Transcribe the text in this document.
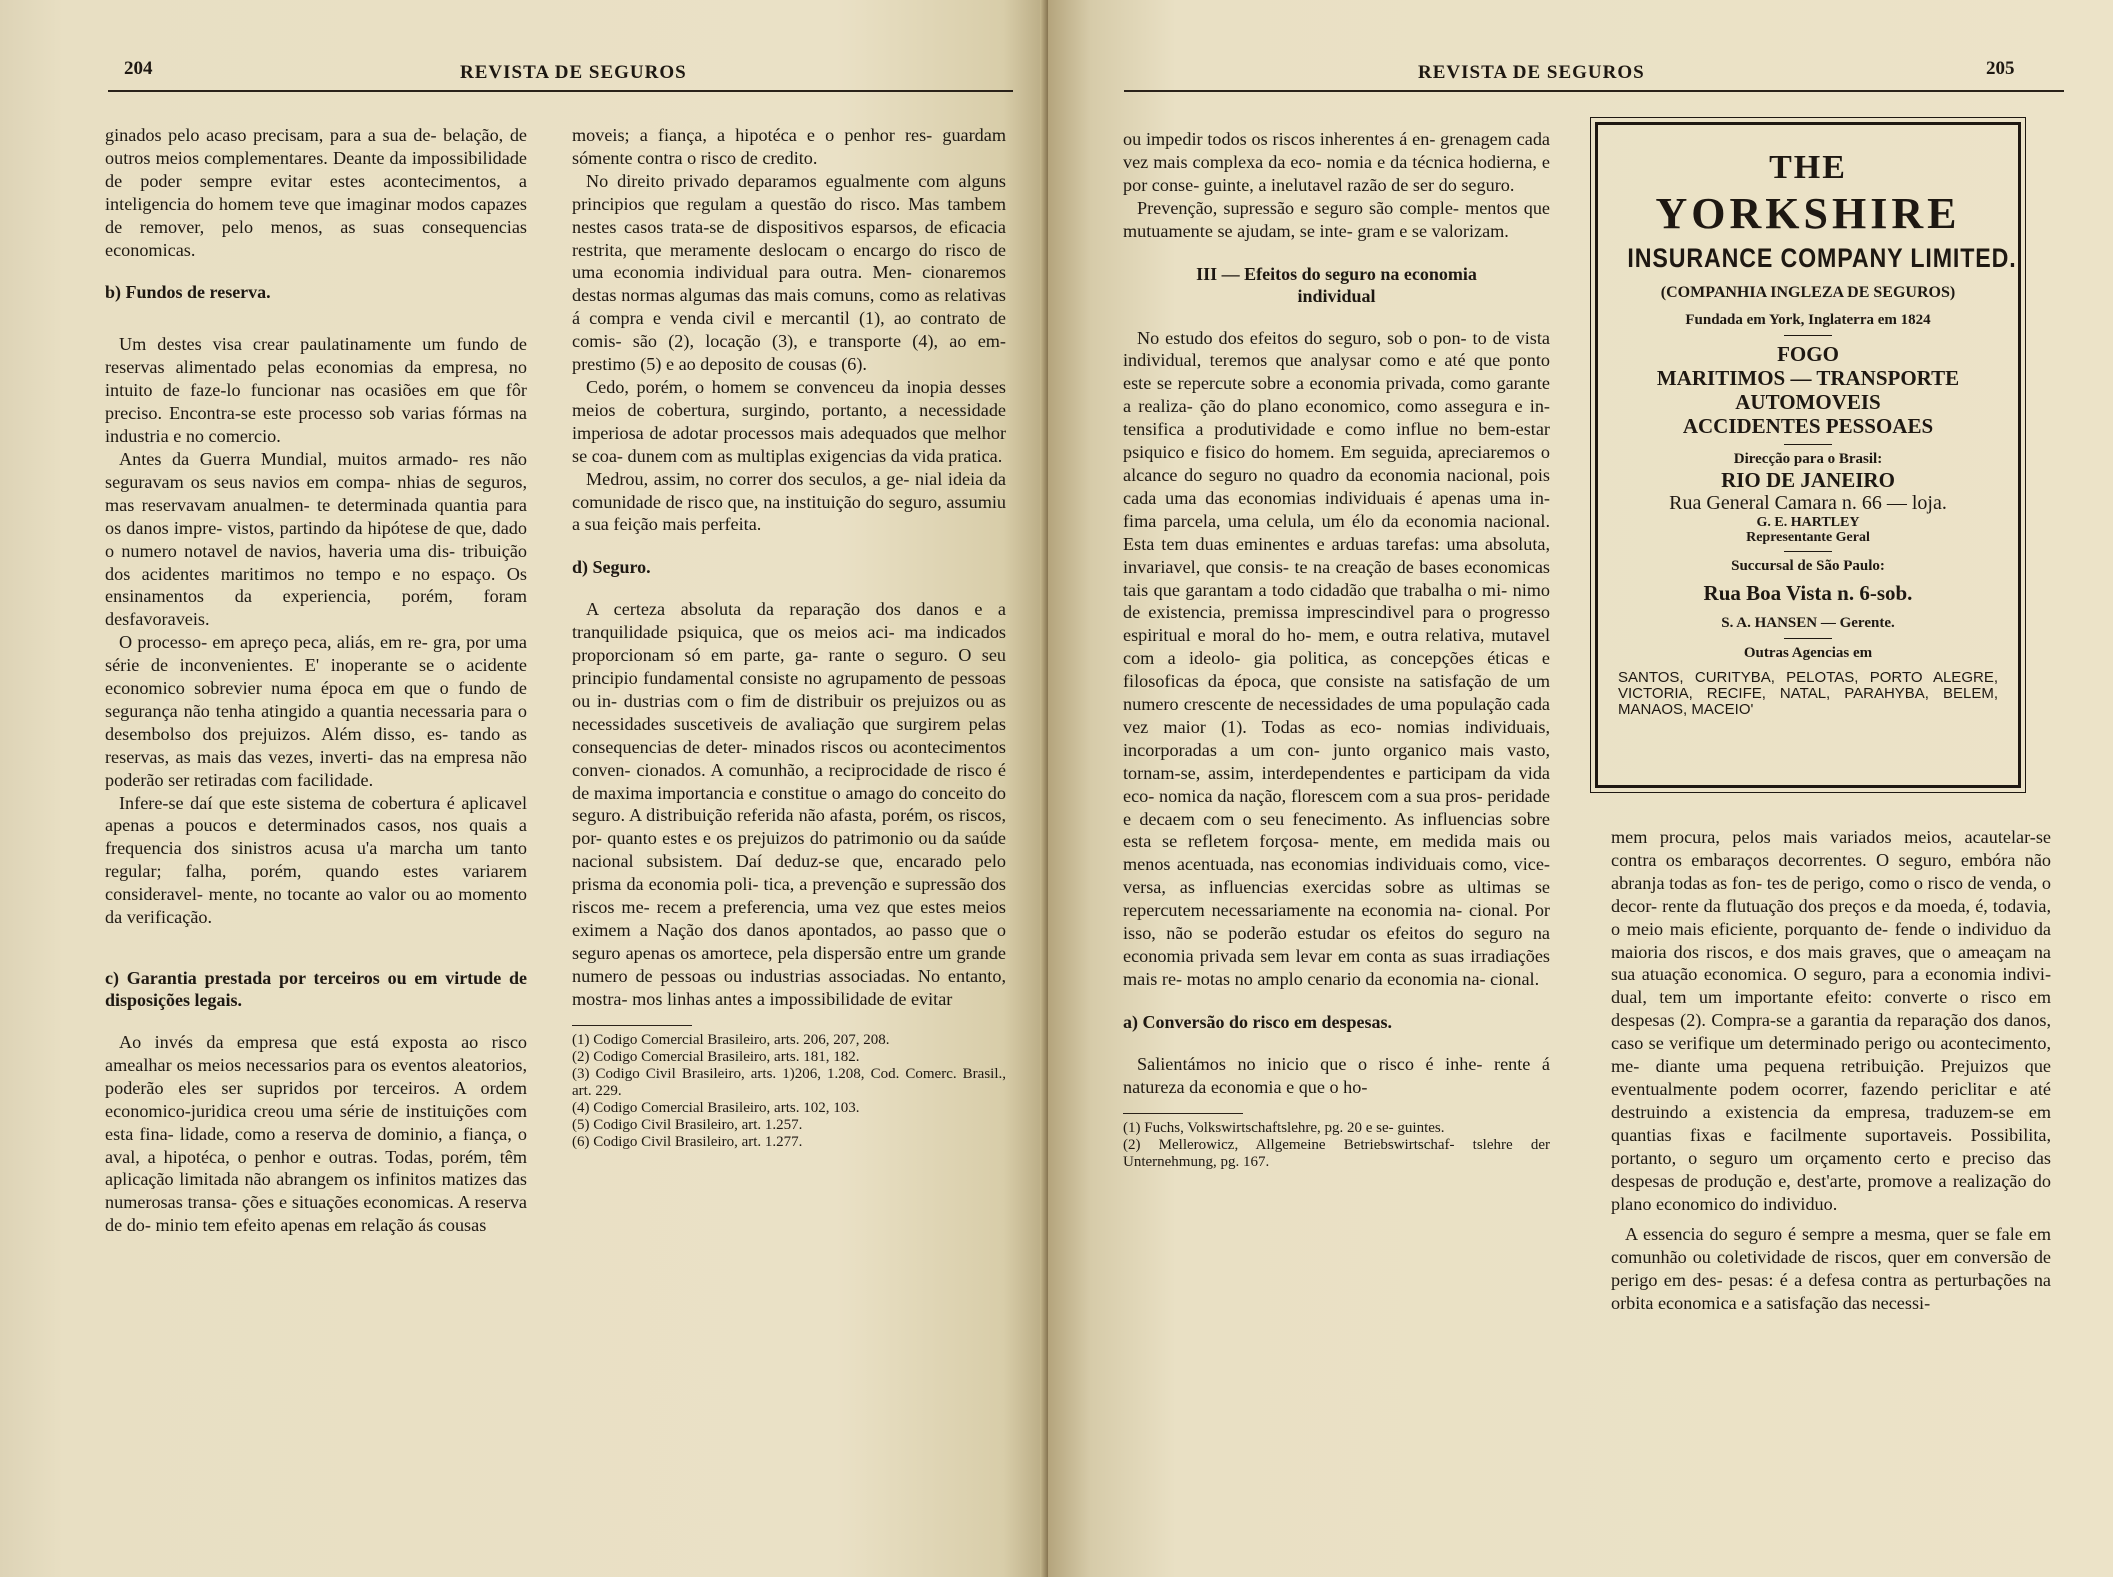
204	REVISTA DE SEGUROS

ginados pelo acaso precisam, para a sua de- belação, de outros meios complementares. Deante da impossibilidade de poder sempre evitar estes acontecimentos, a inteligencia do homem teve que imaginar modos capazes de remover, pelo menos, as suas consequencias economicas.

b) Fundos de reserva.

Um destes visa crear paulatinamente um fundo de reservas alimentado pelas economias da empresa, no intuito de faze-lo funcionar nas ocasiões em que fôr preciso. Encontra-se este processo sob varias fórmas na industria e no comercio.

Antes da Guerra Mundial, muitos armado- res não seguravam os seus navios em compa- nhias de seguros, mas reservavam anualmen- te determinada quantia para os danos impre- vistos, partindo da hipótese de que, dado o numero notavel de navios, haveria uma dis- tribuição dos acidentes maritimos no tempo e no espaço. Os ensinamentos da experiencia, porém, foram desfavoraveis.

O processo- em apreço peca, aliás, em re- gra, por uma série de inconvenientes. E' inoperante se o acidente economico sobrevier numa época em que o fundo de segurança não tenha atingido a quantia necessaria para o desembolso dos prejuizos. Além disso, es- tando as reservas, as mais das vezes, inverti- das na empresa não poderão ser retiradas com facilidade.

Infere-se daí que este sistema de cobertura é aplicavel apenas a poucos e determinados casos, nos quais a frequencia dos sinistros acusa u'a marcha um tanto regular; falha, porém, quando estes variarem consideravel- mente, no tocante ao valor ou ao momento da verificação.

c) Garantia prestada por terceiros ou em virtude de disposições legais.

Ao invés da empresa que está exposta ao risco amealhar os meios necessarios para os eventos aleatorios, poderão eles ser supridos por terceiros. A ordem economico-juridica creou uma série de instituições com esta fina- lidade, como a reserva de dominio, a fiança, o aval, a hipotéca, o penhor e outras. Todas, porém, têm aplicação limitada não abrangem os infinitos matizes das numerosas transa- ções e situações economicas. A reserva de do- minio tem efeito apenas em relação ás cousas

moveis; a fiança, a hipotéca e o penhor res- guardam sómente contra o risco de credito.

No direito privado deparamos egualmente com alguns principios que regulam a questão do risco. Mas tambem nestes casos trata-se de dispositivos esparsos, de eficacia restrita, que meramente deslocam o encargo do risco de uma economia individual para outra. Men- cionaremos destas normas algumas das mais comuns, como as relativas á compra e venda civil e mercantil (1), ao contrato de comis- são (2), locação (3), e transporte (4), ao em- prestimo (5) e ao deposito de cousas (6).

Cedo, porém, o homem se convenceu da inopia desses meios de cobertura, surgindo, portanto, a necessidade imperiosa de adotar processos mais adequados que melhor se coa- dunem com as multiplas exigencias da vida pratica.

Medrou, assim, no correr dos seculos, a ge- nial ideia da comunidade de risco que, na instituição do seguro, assumiu a sua feição mais perfeita.

d) Seguro.

A certeza absoluta da reparação dos danos e a tranquilidade psiquica, que os meios aci- ma indicados proporcionam só em parte, ga- rante o seguro. O seu principio fundamental consiste no agrupamento de pessoas ou in- dustrias com o fim de distribuir os prejuizos ou as necessidades suscetiveis de avaliação que surgirem pelas consequencias de deter- minados riscos ou acontecimentos conven- cionados. A comunhão, a reciprocidade de risco é de maxima importancia e constitue o amago do conceito do seguro. A distribuição referida não afasta, porém, os riscos, por- quanto estes e os prejuizos do patrimonio ou da saúde nacional subsistem. Daí deduz-se que, encarado pelo prisma da economia poli- tica, a prevenção e supressão dos riscos me- recem a preferencia, uma vez que estes meios eximem a Nação dos danos apontados, ao passo que o seguro apenas os amortece, pela dispersão entre um grande numero de pessoas ou industrias associadas. No entanto, mostra- mos linhas antes a impossibilidade de evitar

(1) Codigo Comercial Brasileiro, arts. 206, 207, 208.

(2) Codigo Comercial Brasileiro, arts. 181, 182.

(3) Codigo Civil Brasileiro, arts. 1)206, 1.208, Cod. Comerc. Brasil., art. 229.

(4) Codigo Comercial Brasileiro, arts. 102, 103.

(5) Codigo Civil Brasileiro, art. 1.257.

(6) Codigo Civil Brasileiro, art. 1.277.

REVISTA DE SEGUROS	205

ou impedir todos os riscos inherentes á en- grenagem cada vez mais complexa da eco- nomia e da técnica hodierna, e por conse- guinte, a inelutavel razão de ser do seguro.

Prevenção, supressão e seguro são comple- mentos que mutuamente se ajudam, se inte- gram e se valorizam.

III — Efeitos do seguro na economia individual

No estudo dos efeitos do seguro, sob o pon- to de vista individual, teremos que analysar como e até que ponto este se repercute sobre a economia privada, como garante a realiza- ção do plano economico, como assegura e in- tensifica a produtividade e como influe no bem-estar psiquico e fisico do homem. Em seguida, apreciaremos o alcance do seguro no quadro da economia nacional, pois cada uma das economias individuais é apenas uma in- fima parcela, uma celula, um élo da economia nacional. Esta tem duas eminentes e arduas tarefas: uma absoluta, invariavel, que consis- te na creação de bases economicas tais que garantam a todo cidadão que trabalha o mi- nimo de existencia, premissa imprescindivel para o progresso espiritual e moral do ho- mem, e outra relativa, mutavel com a ideolo- gia politica, as concepções éticas e filosoficas da época, que consiste na satisfação de um numero crescente de necessidades de uma população cada vez maior (1). Todas as eco- nomias individuais, incorporadas a um con- junto organico mais vasto, tornam-se, assim, interdependentes e participam da vida eco- nomica da nação, florescem com a sua pros- peridade e decaem com o seu fenecimento. As influencias sobre esta se refletem forçosa- mente, em medida mais ou menos acentuada, nas economias individuais como, vice-versa, as influencias exercidas sobre as ultimas se repercutem necessariamente na economia na- cional. Por isso, não se poderão estudar os efeitos do seguro na economia privada sem levar em conta as suas irradiações mais re- motas no amplo cenario da economia na- cional.

a) Conversão do risco em despesas.

Salientámos no inicio que o risco é inhe- rente á natureza da economia e que o ho-

(1) Fuchs, Volkswirtschaftslehre, pg. 20 e se- guintes.

(2) Mellerowicz, Allgemeine Betriebswirtschaf- tslehre der Unternehmung, pg. 167.

mem procura, pelos mais variados meios, acautelar-se contra os embaraços decorrentes. O seguro, embóra não abranja todas as fon- tes de perigo, como o risco de venda, o decor- rente da flutuação dos preços e da moeda, é, todavia, o meio mais eficiente, porquanto de- fende o individuo da maioria dos riscos, e dos mais graves, que o ameaçam na sua atuação economica. O seguro, para a economia indivi- dual, tem um importante efeito: converte o risco em despesas (2). Compra-se a garantia da reparação dos danos, caso se verifique um determinado perigo ou acontecimento, me- diante uma pequena retribuição. Prejuizos que eventualmente podem ocorrer, fazendo periclitar e até destruindo a existencia da empresa, traduzem-se em quantias fixas e facilmente suportaveis. Possibilita, portanto, o seguro um orçamento certo e preciso das despesas de produção e, dest'arte, promove a realização do plano economico do individuo.

A essencia do seguro é sempre a mesma, quer se fale em comunhão ou coletividade de riscos, quer em conversão de perigo em des- pesas: é a defesa contra as perturbações na orbita economica e a satisfação das necessi-

THE
YORKSHIRE
INSURANCE COMPANY LIMITED.
(COMPANHIA INGLEZA DE SEGUROS)
Fundada em York, Inglaterra em 1824
FOGO
MARITIMOS — TRANSPORTE
AUTOMOVEIS
ACCIDENTES PESSOAES
Direcção para o Brasil:
RIO DE JANEIRO
Rua General Camara n. 66 — loja.
G. E. HARTLEY
Representante Geral
Succursal de São Paulo:
Rua Boa Vista n. 6-sob.
S. A. HANSEN — Gerente.
Outras Agencias em
SANTOS, CURITYBA, PELOTAS, PORTO ALEGRE, VICTORIA, RECIFE, NATAL, PARAHYBA, BELEM, MANAOS, MACEIO'
